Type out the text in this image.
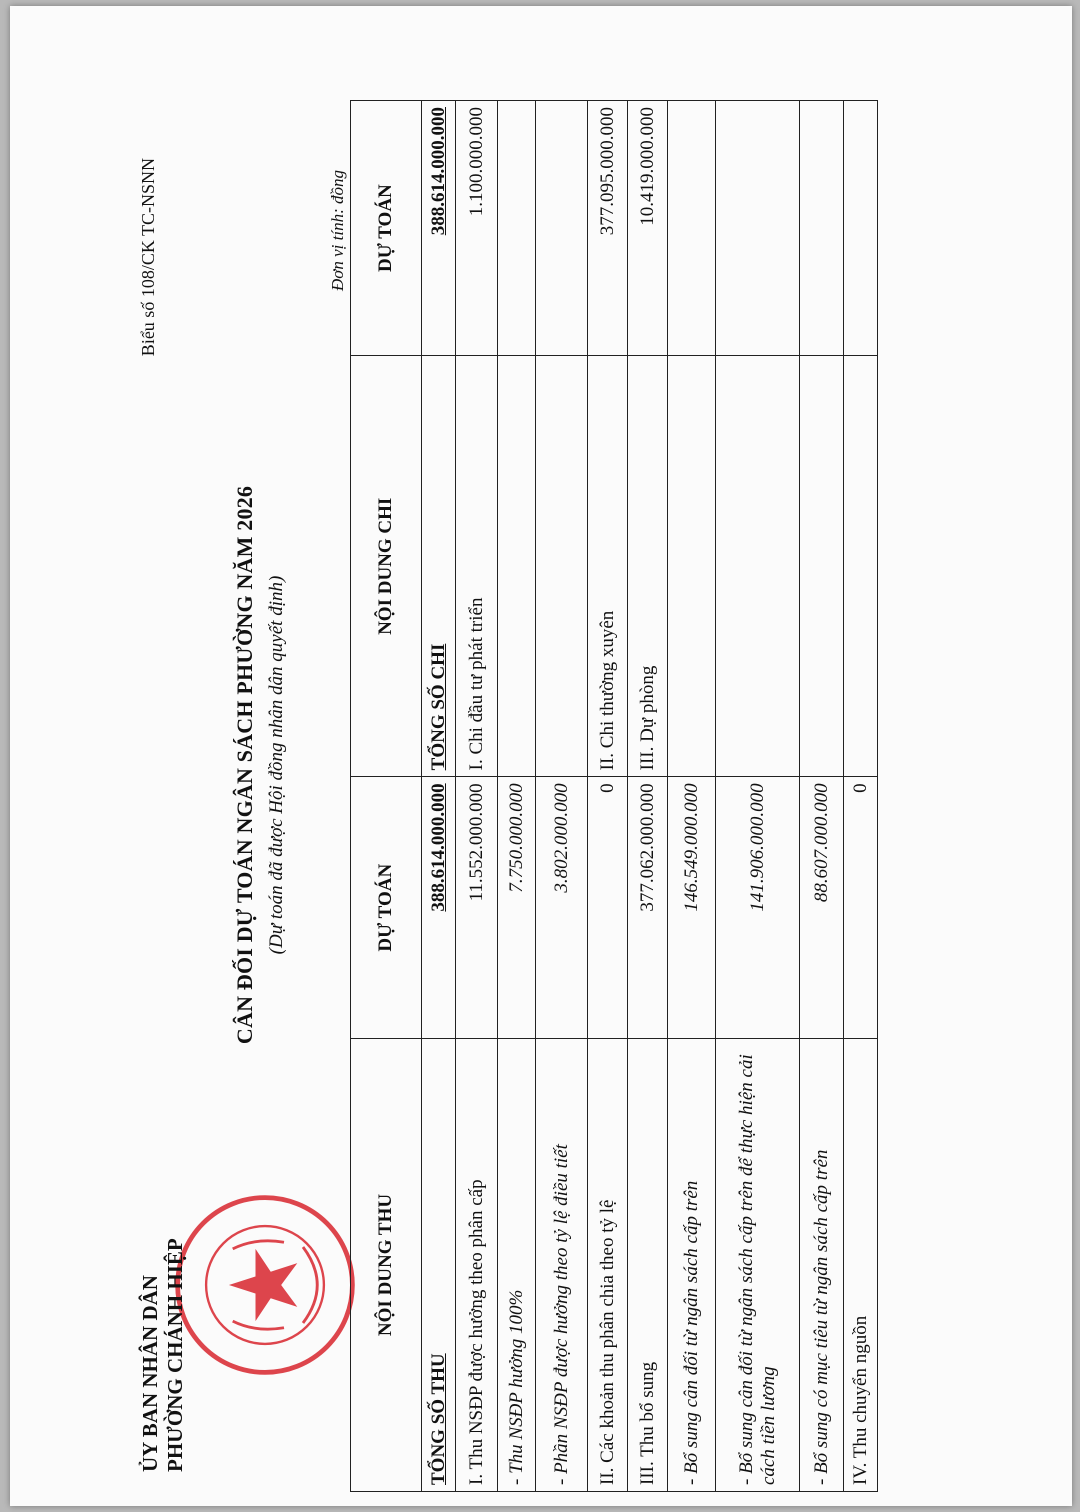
ỦY BAN NHÂN DÂN PHƯỜNG CHÁNH HIỆP
Biểu số 108/CK TC-NSNN
CÂN ĐỐI DỰ TOÁN NGÂN SÁCH PHƯỜNG NĂM 2026 (Dự toán đã được Hội đồng nhân dân quyết định)
Đơn vị tính: đồng
NỘI DUNG THU	DỰ TOÁN	NỘI DUNG CHI	DỰ TOÁN
TỔNG SỐ THU	388.614.000.000	TỔNG SỐ CHI	388.614.000.000
I. Thu NSĐP được hưởng theo phân cấp	11.552.000.000	I. Chi đầu tư phát triển	1.100.000.000
- Thu NSĐP hưởng 100%	7.750.000.000		
- Phần NSĐP được hưởng theo tỷ lệ điều tiết	3.802.000.000		
II. Các khoản thu phân chia theo tỷ lệ	0	II. Chi thường xuyên	377.095.000.000
III. Thu bổ sung	377.062.000.000	III. Dự phòng	10.419.000.000
- Bổ sung cân đối từ ngân sách cấp trên	146.549.000.000		
- Bổ sung cân đối từ ngân sách cấp trên để thực hiện cải cách tiền lương	141.906.000.000		
- Bổ sung có mục tiêu từ ngân sách cấp trên	88.607.000.000		
IV. Thu chuyển nguồn	0		
